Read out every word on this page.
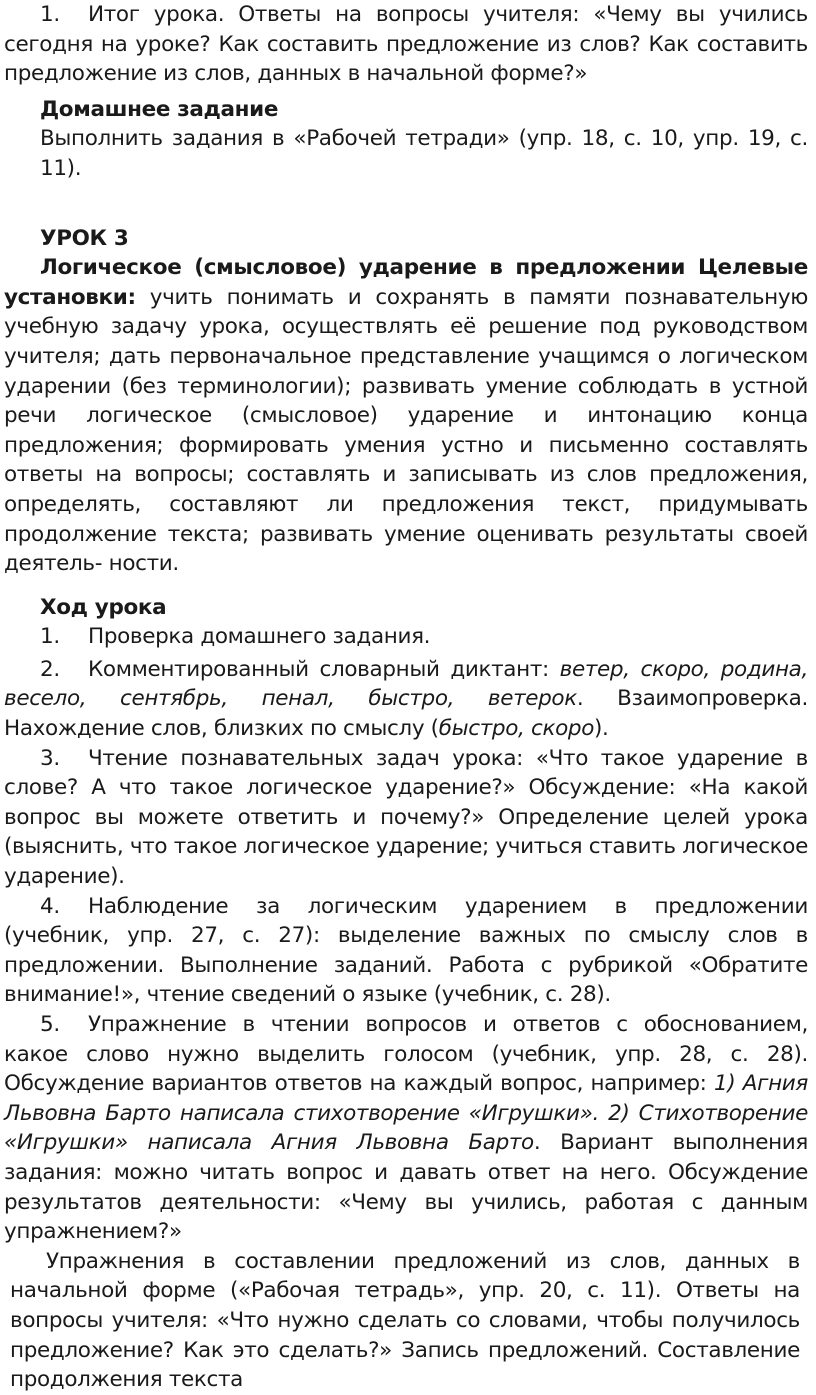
1. Итог урока. Ответы на вопросы учителя: «Чему вы учились сегодня на уроке? Как составить предложение из слов? Как составить предложение из слов, данных в начальной форме?»

Домашнее задание

Выполнить задания в «Рабочей тетради» (упр. 18, с. 10, упр. 19, с. 11).

УРОК 3

Логическое (смысловое) ударение в предложении Целевые установки: учить понимать и сохранять в памяти познавательную учебную задачу урока, осуществлять её решение под руководством учителя; дать первоначальное представление учащимся о логическом ударении (без терминологии); развивать умение соблюдать в устной речи логическое (смысловое) ударение и интонацию конца предложения; формировать умения устно и письменно составлять ответы на вопросы; составлять и записывать из слов предложения, определять, составляют ли предложения текст, придумывать продолжение текста; развивать умение оценивать результаты своей деятель- ности.

Ход урока

1. Проверка домашнего задания.

2. Комментированный словарный диктант: ветер, скоро, родина, весело, сентябрь, пенал, быстро, ветерок. Взаимопроверка. Нахождение слов, близких по смыслу (быстро, скоро).

3. Чтение познавательных задач урока: «Что такое ударение в слове? А что такое логическое ударение?» Обсуждение: «На какой вопрос вы можете ответить и почему?» Определение целей урока (выяснить, что такое логическое ударение; учиться ставить логическое ударение).

4. Наблюдение за логическим ударением в предложении (учебник, упр. 27, с. 27): выделение важных по смыслу слов в предложении. Выполнение заданий. Работа с рубрикой «Обратите внимание!», чтение сведений о языке (учебник, с. 28).

5. Упражнение в чтении вопросов и ответов с обоснованием, какое слово нужно выделить голосом (учебник, упр. 28, с. 28). Обсуждение вариантов ответов на каждый вопрос, например: 1) Агния Львовна Барто написала стихотворение «Игрушки». 2) Стихотворение «Игрушки» написала Агния Львовна Барто. Вариант выполнения задания: можно читать вопрос и давать ответ на него. Обсуждение результатов деятельности: «Чему вы учились, работая с данным упражнением?»

Упражнения в составлении предложений из слов, данных в начальной форме («Рабочая тетрадь», упр. 20, с. 11). Ответы на вопросы учителя: «Что нужно сделать со словами, чтобы получилось предложение? Как это сделать?» Запись предложений. Составление продолжения текста
